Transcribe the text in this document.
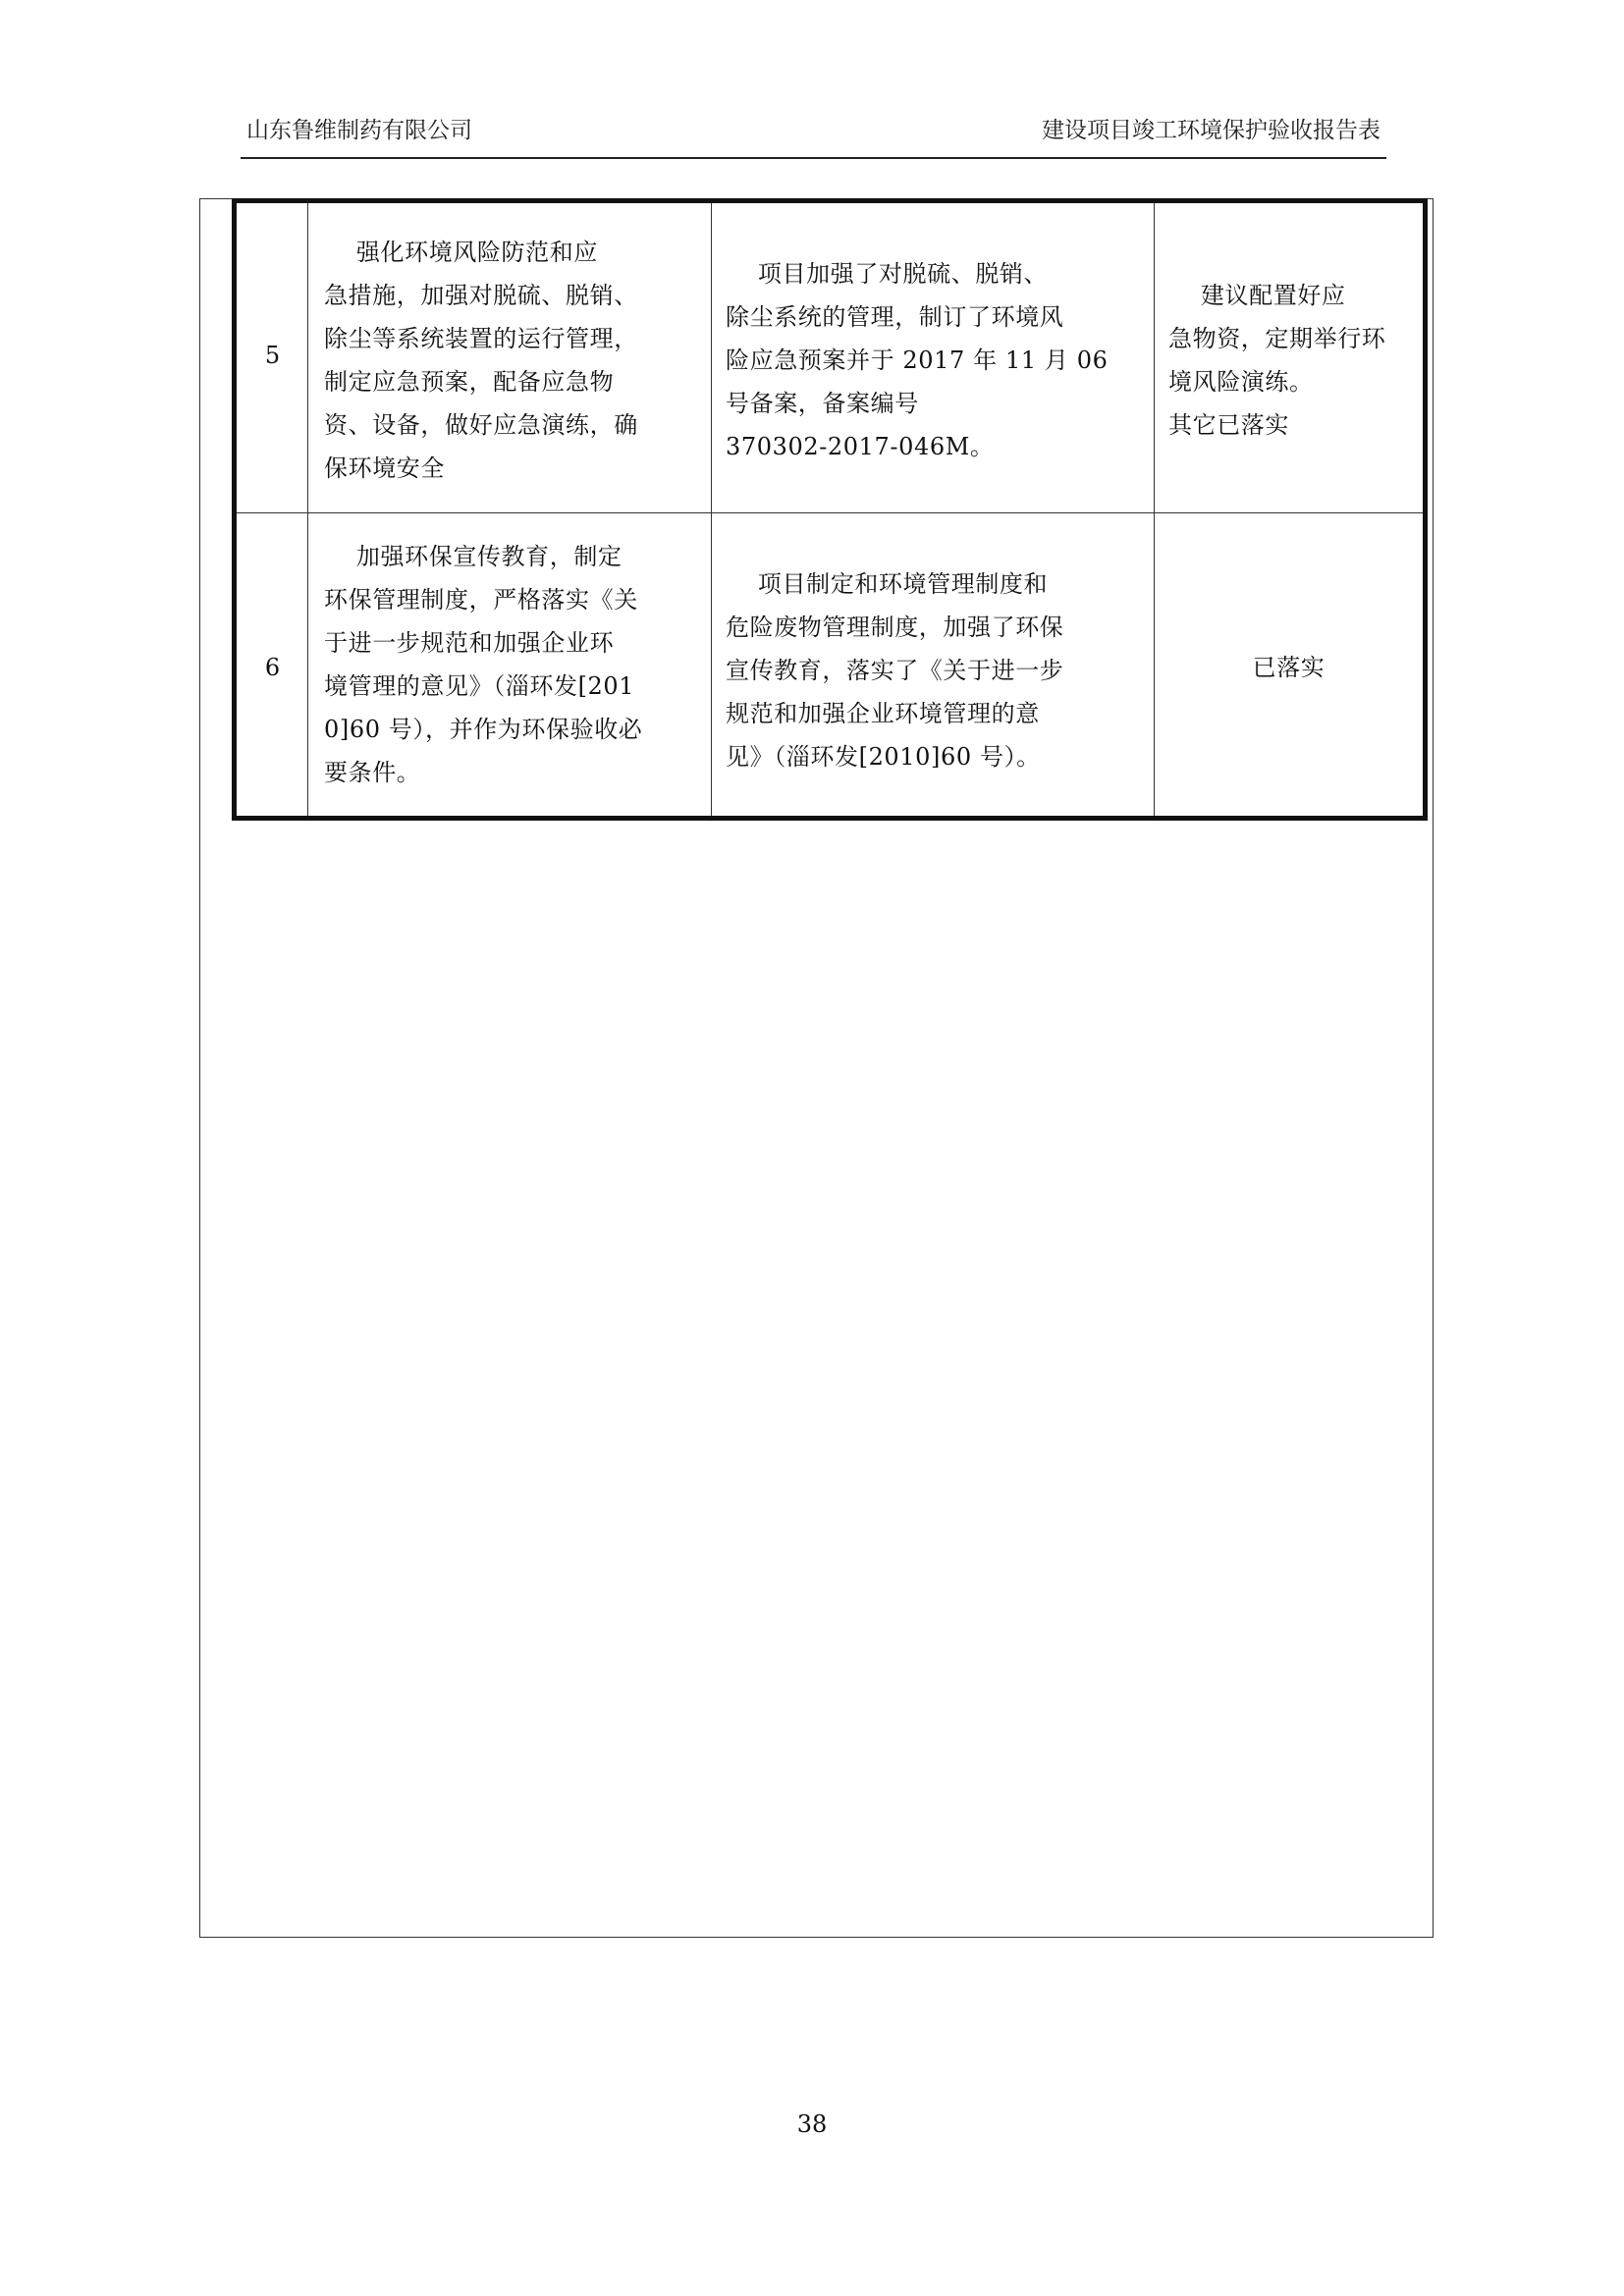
山东鲁维制药有限公司	建设项目竣工环境保护验收报告表
5
强化环境风险防范和应
急措施，加强对脱硫、脱销、
除尘等系统装置的运行管理，
制定应急预案，配备应急物
资、设备，做好应急演练，确
保环境安全
项目加强了对脱硫、脱销、
除尘系统的管理，制订了环境风
险应急预案并于 2017 年 11 月 06
号备案，备案编号
370302-2017-046M。
建议配置好应
急物资，定期举行环
境风险演练。
其它已落实
6
加强环保宣传教育，制定
环保管理制度，严格落实《关
于进一步规范和加强企业环
境管理的意见》（淄环发[201
0]60 号），并作为环保验收必
要条件。
项目制定和环境管理制度和
危险废物管理制度，加强了环保
宣传教育，落实了《关于进一步
规范和加强企业环境管理的意
见》（淄环发[2010]60 号）。
已落实
38
